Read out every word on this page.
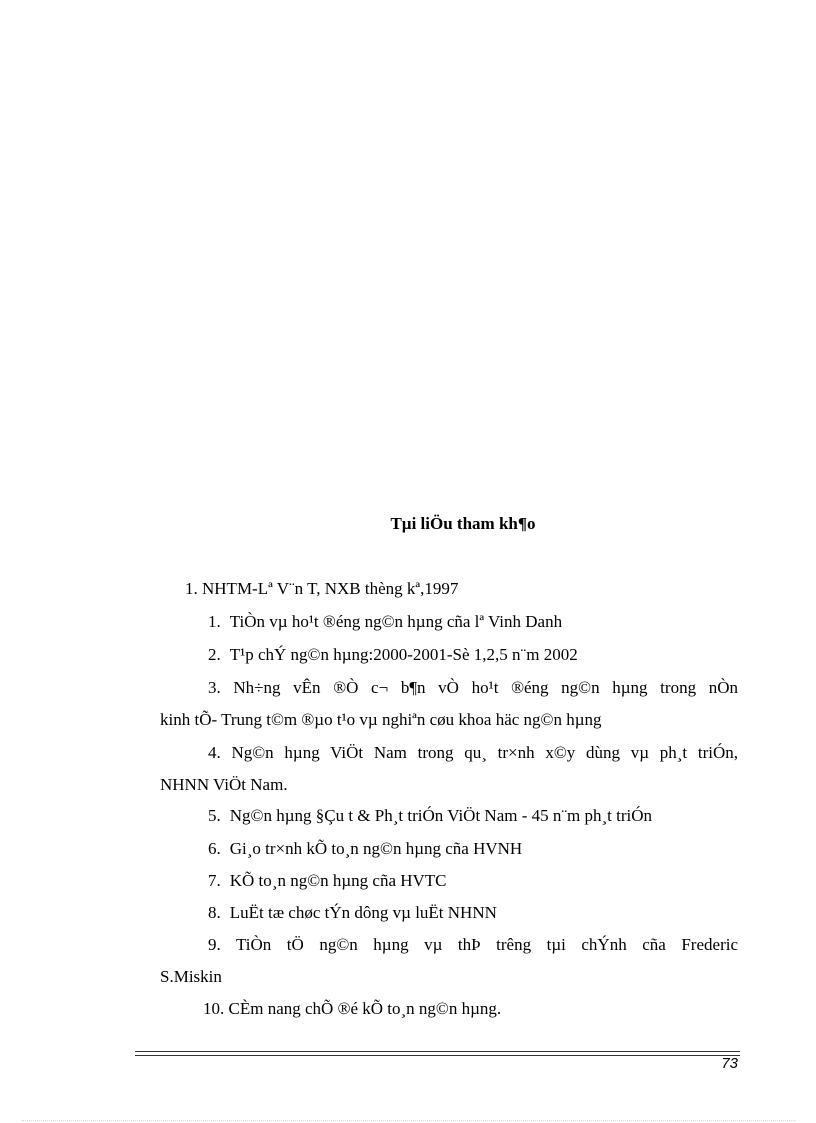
Tµi liÖu tham kh¶o
1. NHTM-Lª V¨n T, NXB thèng kª,1997
1. TiÒn vµ ho¹t ®éng ng©n hµng cña lª Vinh Danh
2. T¹p chÝ ng©n hµng:2000-2001-Sè 1,2,5 n¨m 2002
3. Nh÷ng vÊn ®Ò c¬ b¶n vÒ ho¹t ®éng ng©n hµng trong nÒn
kinh tÕ- Trung t©m ®µo t¹o vµ nghiªn cøu khoa häc ng©n hµng
4. Ng©n hµng ViÖt Nam trong qu¸ tr×nh x©y dùng vµ ph¸t triÓn,
NHNN ViÖt Nam.
5. Ng©n hµng §Çu t & Ph¸t triÓn ViÖt Nam - 45 n¨m ph¸t triÓn
6. Gi¸o tr×nh kÕ to¸n ng©n hµng cña HVNH
7. KÕ to¸n ng©n hµng cña HVTC
8. LuËt tæ chøc tÝn dông vµ luËt NHNN
9. TiÒn tÖ ng©n hµng vµ thÞ trêng tµi chÝnh cña Frederic
S.Miskin
10. CÈm nang chÕ ®é kÕ to¸n ng©n hµng.
73
